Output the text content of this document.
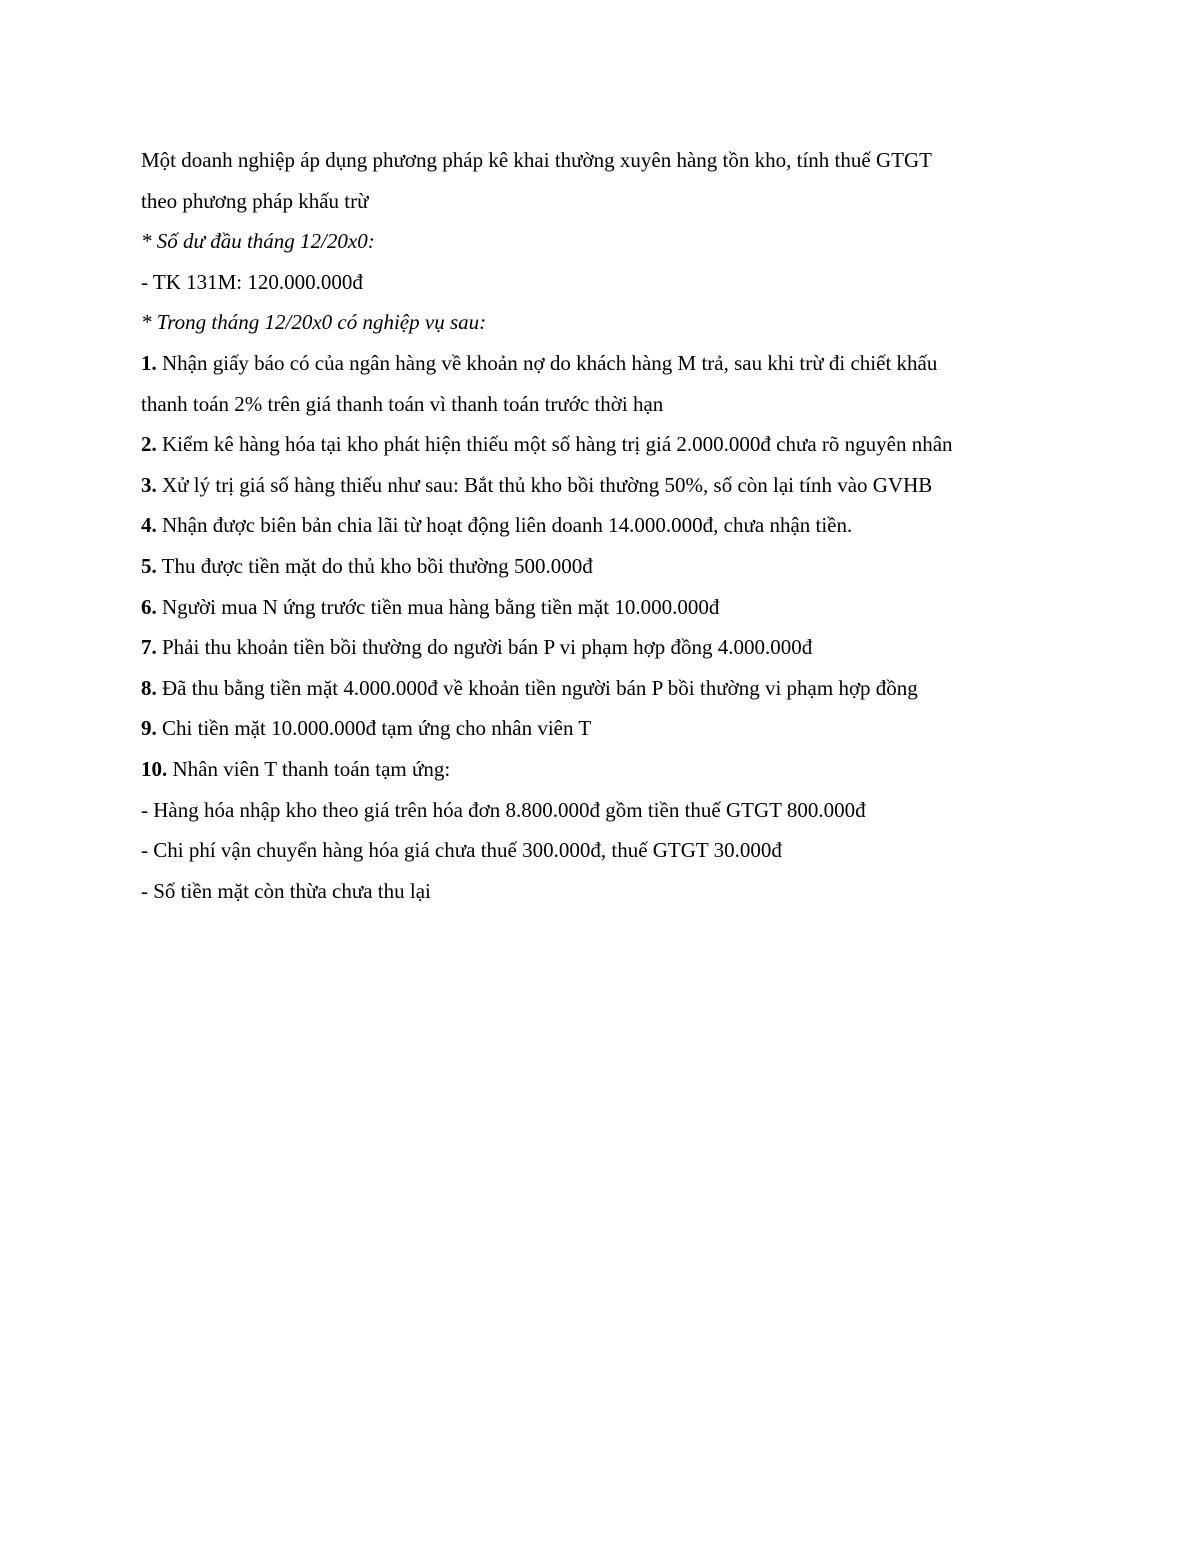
Một doanh nghiệp áp dụng phương pháp kê khai thường xuyên hàng tồn kho, tính thuế GTGT

theo phương pháp khấu trừ

* Số dư đầu tháng 12/20x0:

- TK 131M: 120.000.000đ

* Trong tháng 12/20x0 có nghiệp vụ sau:

1. Nhận giấy báo có của ngân hàng về khoản nợ do khách hàng M trả, sau khi trừ đi chiết khấu

thanh toán 2% trên giá thanh toán vì thanh toán trước thời hạn

2. Kiểm kê hàng hóa tại kho phát hiện thiếu một số hàng trị giá 2.000.000đ chưa rõ nguyên nhân

3. Xử lý trị giá số hàng thiếu như sau: Bắt thủ kho bồi thường 50%, số còn lại tính vào GVHB

4. Nhận được biên bản chia lãi từ hoạt động liên doanh 14.000.000đ, chưa nhận tiền.

5. Thu được tiền mặt do thủ kho bồi thường 500.000đ

6. Người mua N ứng trước tiền mua hàng bằng tiền mặt 10.000.000đ

7. Phải thu khoản tiền bồi thường do người bán P vi phạm hợp đồng 4.000.000đ

8. Đã thu bằng tiền mặt 4.000.000đ về khoản tiền người bán P bồi thường vi phạm hợp đồng

9. Chi tiền mặt 10.000.000đ tạm ứng cho nhân viên T

10. Nhân viên T thanh toán tạm ứng:

- Hàng hóa nhập kho theo giá trên hóa đơn 8.800.000đ gồm tiền thuế GTGT 800.000đ

- Chi phí vận chuyển hàng hóa giá chưa thuế 300.000đ, thuế GTGT 30.000đ

- Số tiền mặt còn thừa chưa thu lại
